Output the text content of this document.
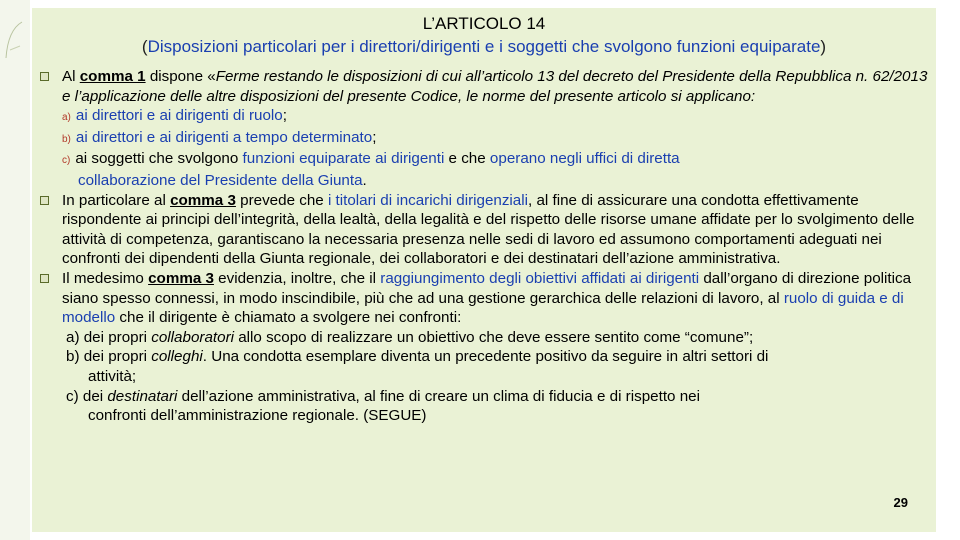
L’ARTICOLO 14
(Disposizioni particolari per i direttori/dirigenti e i soggetti che svolgono funzioni equiparate)
Al comma 1 dispone «Ferme restando le disposizioni di cui all’articolo 13 del decreto del Presidente della Repubblica n. 62/2013 e l’applicazione delle altre disposizioni del presente Codice, le norme del presente articolo si applicano:
a) ai direttori e ai dirigenti di ruolo;
b) ai direttori e ai dirigenti a tempo determinato;
c) ai soggetti che svolgono funzioni equiparate ai dirigenti e che operano negli uffici di diretta
collaborazione del Presidente della Giunta.
In particolare al comma 3 prevede che i titolari di incarichi dirigenziali, al fine di assicurare una condotta effettivamente rispondente ai principi dell’integrità, della lealtà, della legalità e del rispetto delle risorse umane affidate per lo svolgimento delle attività di competenza, garantiscano la necessaria presenza nelle sedi di lavoro ed assumono comportamenti adeguati nei confronti dei dipendenti della Giunta regionale, dei collaboratori e dei destinatari dell’azione amministrativa.
Il medesimo comma 3 evidenzia, inoltre, che il raggiungimento degli obiettivi affidati ai dirigenti dall’organo di direzione politica siano spesso connessi, in modo inscindibile, più che ad una gestione gerarchica delle relazioni di lavoro, al ruolo di guida e di modello che il dirigente è chiamato a svolgere nei confronti:
a) dei propri collaboratori allo scopo di realizzare un obiettivo che deve essere sentito come “comune”;
b) dei propri colleghi. Una condotta esemplare diventa un precedente positivo da seguire in altri settori di
attività;
c) dei destinatari dell’azione amministrativa, al fine di creare un clima di fiducia e di rispetto nei
confronti dell’amministrazione regionale. (SEGUE)
29
